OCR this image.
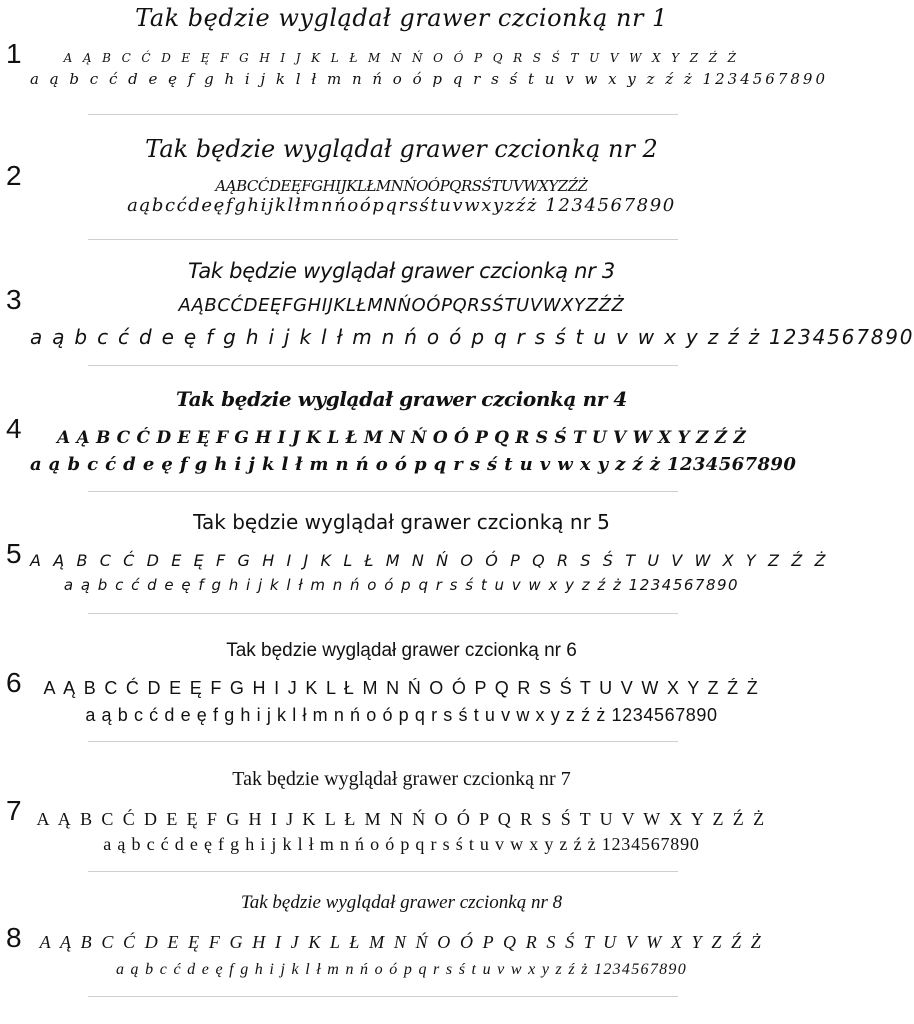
1
Tak będzie wyglądał grawer czcionką nr 1
A Ą B C Ć D E Ę F G H I J K L Ł M N Ń O Ó P Q R S Ś T U V W X Y Z Ź Ż
a ą b c ć d e ę f g h i j k l ł m n ń o ó p q r s ś t u v w x y z ź ż 1234567890
2
Tak będzie wyglądał grawer czcionką nr 2
AĄBCĆDEĘFGHIJKLŁMNŃOÓPQRSŚTUVWXYZŹŻ
aąbcćdeęfghijklłmnńoópqrsśtuvwxyzźż 1234567890
3
Tak będzie wyglądał grawer czcionką nr 3
AĄBCĆDEĘFGHIJKLŁMNŃOÓPQRSŚTUVWXYZŹŻ
a ą b c ć d e ę f g h i j k l ł m n ń o ó p q r s ś t u v w x y z ź ż 1234567890
4
Tak będzie wyglądał grawer czcionką nr 4
A Ą B C Ć D E Ę F G H I J K L Ł M N Ń O Ó P Q R S Ś T U V W X Y Z Ź Ż
a ą b c ć d e ę f g h i j k l ł m n ń o ó p q r s ś t u v w x y z ź ż 1234567890
5
Tak będzie wyglądał grawer czcionką nr 5
A Ą B C Ć D E Ę F G H I J K L Ł M N Ń O Ó P Q R S Ś T U V W X Y Z Ź Ż
a ą b c ć d e ę f g h i j k l ł m n ń o ó p q r s ś t u v w x y z ź ż 1234567890
6
Tak będzie wyglądał grawer czcionką nr 6
A Ą B C Ć D E Ę F G H I J K L Ł M N Ń O Ó P Q R S Ś T U V W X Y Z Ź Ż
a ą b c ć d e ę f g h i j k l ł m n ń o ó p q r s ś t u v w x y z ź ż 1234567890
7
Tak będzie wyglądał grawer czcionką nr 7
A Ą B C Ć D E Ę F G H I J K L Ł M N Ń O Ó P Q R S Ś T U V W X Y Z Ź Ż
a ą b c ć d e ę f g h i j k l ł m n ń o ó p q r s ś t u v w x y z ź ż 1234567890
8
Tak będzie wyglądał grawer czcionką nr 8
A Ą B C Ć D E Ę F G H I J K L Ł M N Ń O Ó P Q R S Ś T U V W X Y Z Ź Ż
a ą b c ć d e ę f g h i j k l ł m n ń o ó p q r s ś t u v w x y z ź ż 1234567890
